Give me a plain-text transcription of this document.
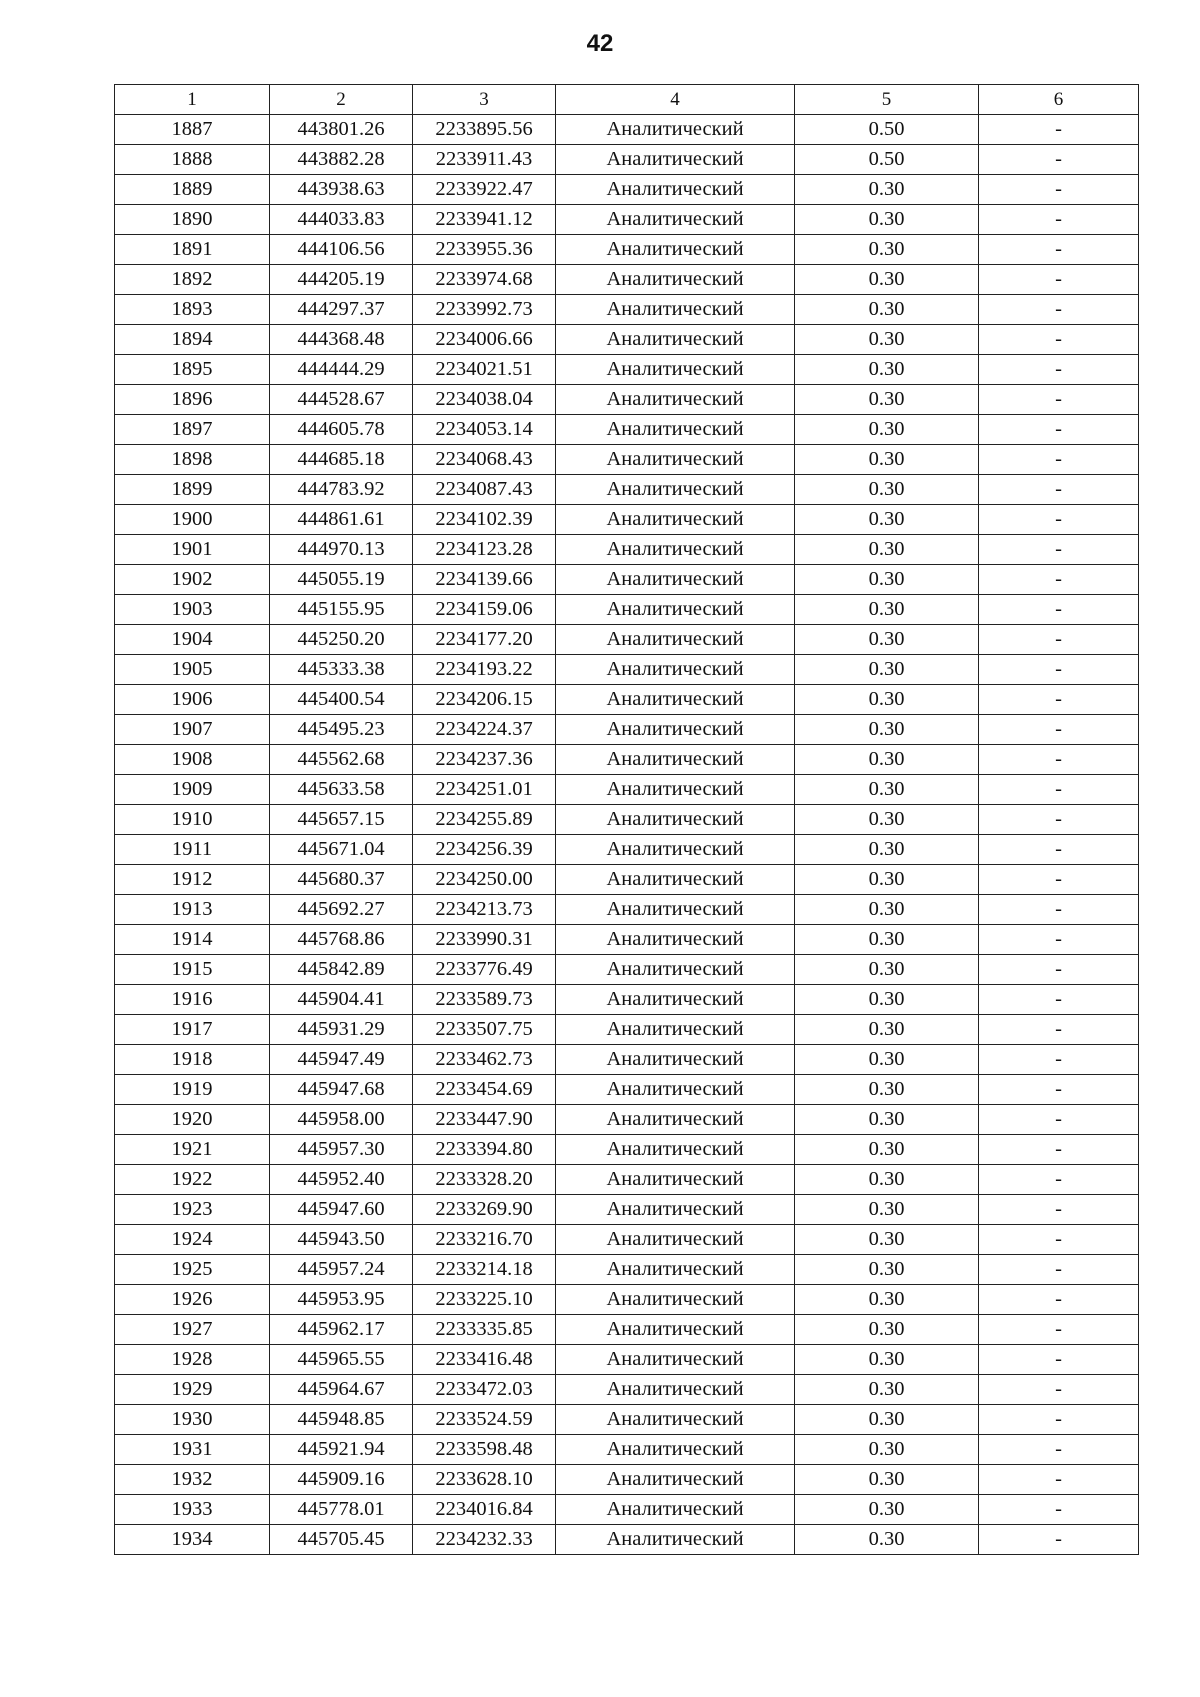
42
1	2	3	4	5	6
1887	443801.26	2233895.56	Аналитический	0.50	-
1888	443882.28	2233911.43	Аналитический	0.50	-
1889	443938.63	2233922.47	Аналитический	0.30	-
1890	444033.83	2233941.12	Аналитический	0.30	-
1891	444106.56	2233955.36	Аналитический	0.30	-
1892	444205.19	2233974.68	Аналитический	0.30	-
1893	444297.37	2233992.73	Аналитический	0.30	-
1894	444368.48	2234006.66	Аналитический	0.30	-
1895	444444.29	2234021.51	Аналитический	0.30	-
1896	444528.67	2234038.04	Аналитический	0.30	-
1897	444605.78	2234053.14	Аналитический	0.30	-
1898	444685.18	2234068.43	Аналитический	0.30	-
1899	444783.92	2234087.43	Аналитический	0.30	-
1900	444861.61	2234102.39	Аналитический	0.30	-
1901	444970.13	2234123.28	Аналитический	0.30	-
1902	445055.19	2234139.66	Аналитический	0.30	-
1903	445155.95	2234159.06	Аналитический	0.30	-
1904	445250.20	2234177.20	Аналитический	0.30	-
1905	445333.38	2234193.22	Аналитический	0.30	-
1906	445400.54	2234206.15	Аналитический	0.30	-
1907	445495.23	2234224.37	Аналитический	0.30	-
1908	445562.68	2234237.36	Аналитический	0.30	-
1909	445633.58	2234251.01	Аналитический	0.30	-
1910	445657.15	2234255.89	Аналитический	0.30	-
1911	445671.04	2234256.39	Аналитический	0.30	-
1912	445680.37	2234250.00	Аналитический	0.30	-
1913	445692.27	2234213.73	Аналитический	0.30	-
1914	445768.86	2233990.31	Аналитический	0.30	-
1915	445842.89	2233776.49	Аналитический	0.30	-
1916	445904.41	2233589.73	Аналитический	0.30	-
1917	445931.29	2233507.75	Аналитический	0.30	-
1918	445947.49	2233462.73	Аналитический	0.30	-
1919	445947.68	2233454.69	Аналитический	0.30	-
1920	445958.00	2233447.90	Аналитический	0.30	-
1921	445957.30	2233394.80	Аналитический	0.30	-
1922	445952.40	2233328.20	Аналитический	0.30	-
1923	445947.60	2233269.90	Аналитический	0.30	-
1924	445943.50	2233216.70	Аналитический	0.30	-
1925	445957.24	2233214.18	Аналитический	0.30	-
1926	445953.95	2233225.10	Аналитический	0.30	-
1927	445962.17	2233335.85	Аналитический	0.30	-
1928	445965.55	2233416.48	Аналитический	0.30	-
1929	445964.67	2233472.03	Аналитический	0.30	-
1930	445948.85	2233524.59	Аналитический	0.30	-
1931	445921.94	2233598.48	Аналитический	0.30	-
1932	445909.16	2233628.10	Аналитический	0.30	-
1933	445778.01	2234016.84	Аналитический	0.30	-
1934	445705.45	2234232.33	Аналитический	0.30	-
